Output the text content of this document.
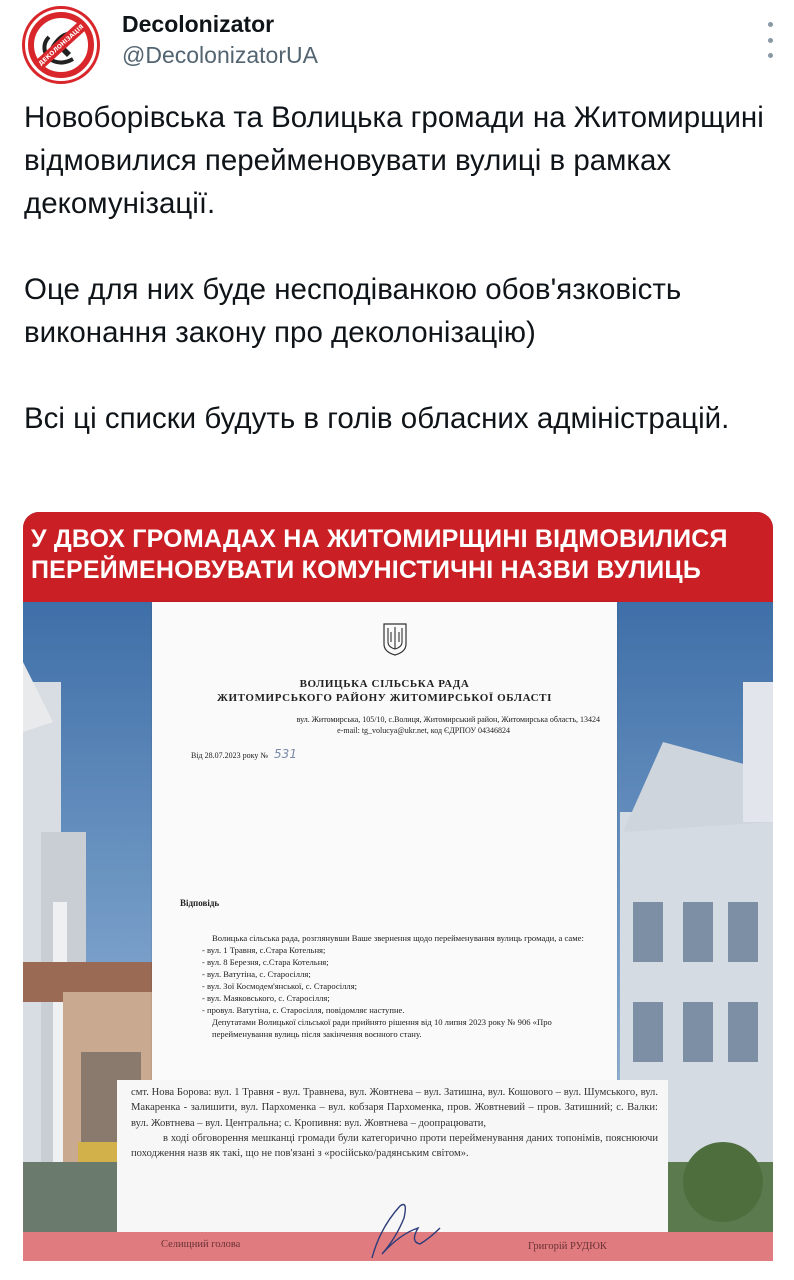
ДЕКОЛОНІЗАЦІЯ Decolonizator
@DecolonizatorUA

Новоборівська та Волицька громади на Житомирщині відмовилися перейменовувати вулиці в рамках декомунізації.

Оце для них буде несподіванкою обов'язковість виконання закону про деколонізацію)

Всі ці списки будуть в голів обласних адміністрацій.

У ДВОХ ГРОМАДАХ НА ЖИТОМИРЩИНІ ВІДМОВИЛИСЯ
ПЕРЕЙМЕНОВУВАТИ КОМУНІСТИЧНІ НАЗВИ ВУЛИЦЬ
ВОЛИЦЬКА СІЛЬСЬКА РАДА
ЖИТОМИРСЬКОГО РАЙОНУ ЖИТОМИРСЬКОЇ ОБЛАСТІ
вул. Житомирська, 105/10, с.Волиця, Житомирський район, Житомирська область, 13424
e-mail: tg_volucya@ukr.net, код ЄДРПОУ 04346824
Від 28.07.2023 року № 531
Відповідь
Волицька сільська рада, розглянувши Ваше звернення щодо перейменування вулиць громади, а саме:
- вул. 1 Травня, с.Стара Котельня;
- вул. 8 Березня, с.Стара Котельня;
- вул. Ватутіна, с. Старосілля;
- вул. Зої Космодем'янської, с. Старосілля;
- вул. Маяковського, с. Старосілля;
- провул. Ватутіна, с. Старосілля, повідомляє наступне.
Депутатами Волицької сільської ради прийнято рішення від 10 липня 2023 року № 906 «Про перейменування вулиць після закінчення воєнного стану.

смт. Нова Борова: вул. 1 Травня - вул. Травнева, вул. Жовтнева – вул. Затишна, вул. Кошового – вул. Шумського, вул. Макаренка - залишити, вул. Пархоменка – вул. кобзаря Пархоменка, пров. Жовтневий – пров. Затишний; с. Валки: вул. Жовтнева – вул. Центральна; с. Кропивня: вул. Жовтнева – доопрацювати,

в ході обговорення мешканці громади були категорично проти перейменування даних топонімів, пояснюючи походження назв як такі, що не пов'язані з «російсько/радянським світом».

Селищний голова	Григорій РУДЮК
